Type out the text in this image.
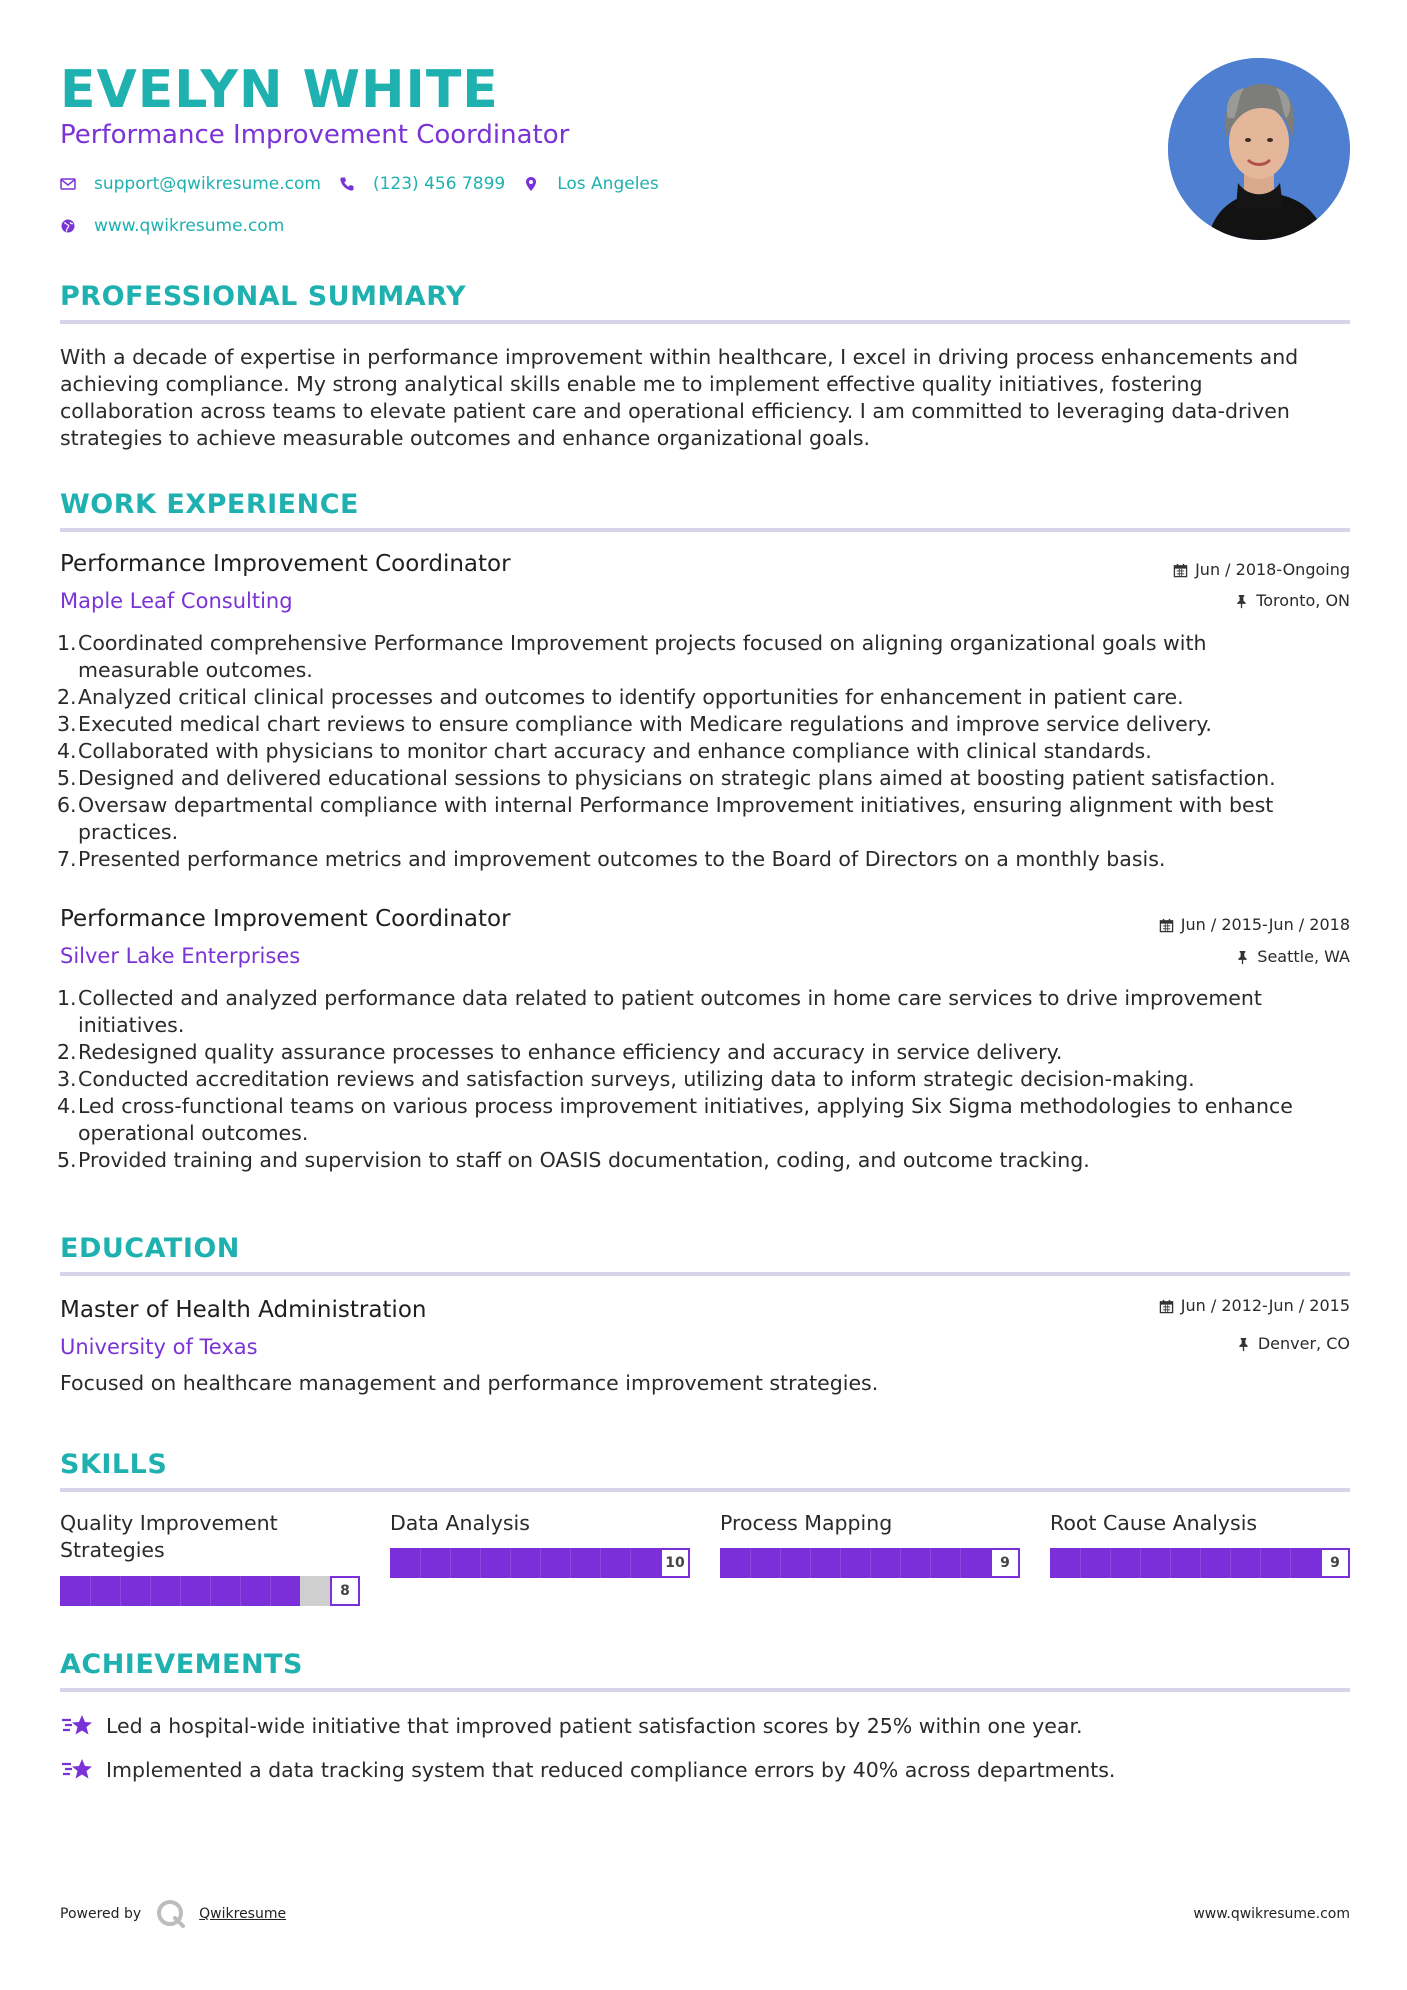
EVELYN WHITE
Performance Improvement Coordinator
support@qwikresume.com	(123) 456 7899	Los Angeles
www.qwikresume.com
PROFESSIONAL SUMMARY
With a decade of expertise in performance improvement within healthcare, I excel in driving process enhancements and
achieving compliance. My strong analytical skills enable me to implement effective quality initiatives, fostering
collaboration across teams to elevate patient care and operational efficiency. I am committed to leveraging data-driven
strategies to achieve measurable outcomes and enhance organizational goals.
WORK EXPERIENCE
Performance Improvement Coordinator
Maple Leaf Consulting
Jun / 2018-Ongoing
Toronto, ON
1. Coordinated comprehensive Performance Improvement projects focused on aligning organizational goals with
measurable outcomes.
2. Analyzed critical clinical processes and outcomes to identify opportunities for enhancement in patient care.
3. Executed medical chart reviews to ensure compliance with Medicare regulations and improve service delivery.
4. Collaborated with physicians to monitor chart accuracy and enhance compliance with clinical standards.
5. Designed and delivered educational sessions to physicians on strategic plans aimed at boosting patient satisfaction.
6. Oversaw departmental compliance with internal Performance Improvement initiatives, ensuring alignment with best
practices.
7. Presented performance metrics and improvement outcomes to the Board of Directors on a monthly basis.
Performance Improvement Coordinator
Silver Lake Enterprises
Jun / 2015-Jun / 2018
Seattle, WA
1. Collected and analyzed performance data related to patient outcomes in home care services to drive improvement
initiatives.
2. Redesigned quality assurance processes to enhance efficiency and accuracy in service delivery.
3. Conducted accreditation reviews and satisfaction surveys, utilizing data to inform strategic decision-making.
4. Led cross-functional teams on various process improvement initiatives, applying Six Sigma methodologies to enhance
operational outcomes.
5. Provided training and supervision to staff on OASIS documentation, coding, and outcome tracking.
EDUCATION
Master of Health Administration
University of Texas
Jun / 2012-Jun / 2015
Denver, CO
Focused on healthcare management and performance improvement strategies.
SKILLS
Quality Improvement
Strategies
8
Data Analysis
10
Process Mapping
9
Root Cause Analysis
9
ACHIEVEMENTS
Led a hospital-wide initiative that improved patient satisfaction scores by 25% within one year.
Implemented a data tracking system that reduced compliance errors by 40% across departments.
Powered by	Qwikresume	www.qwikresume.com
